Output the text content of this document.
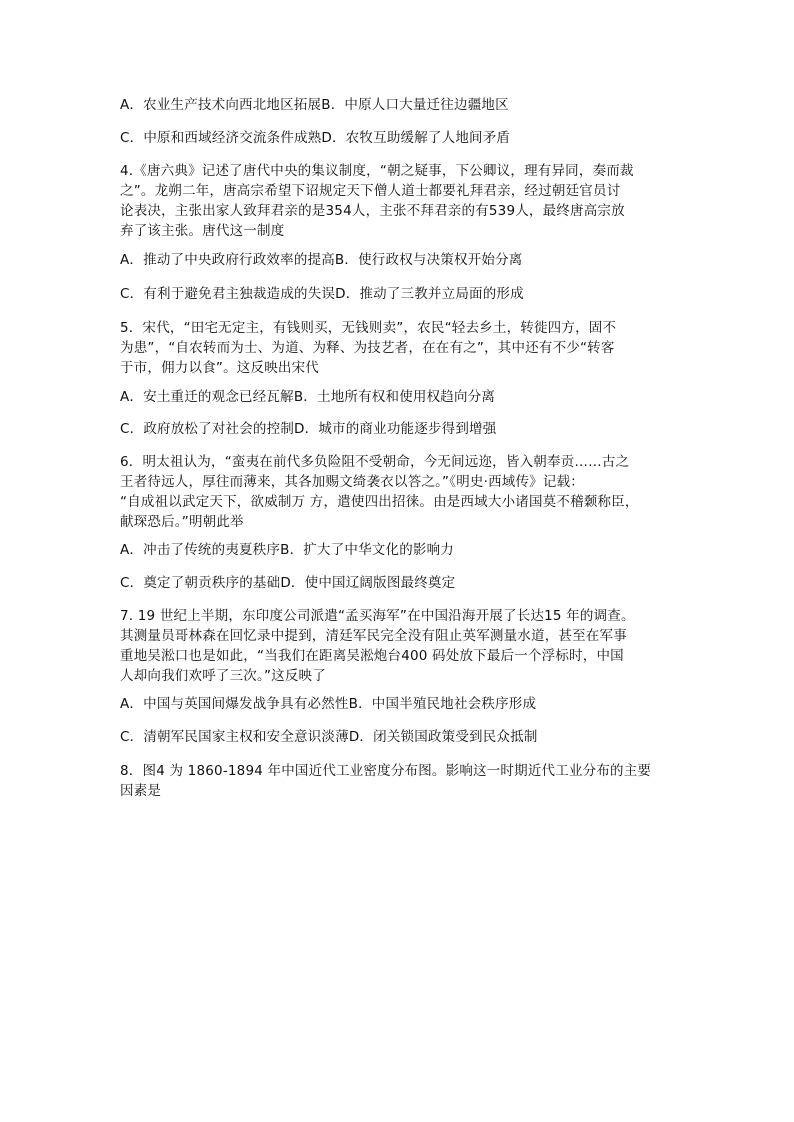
A．农业生产技术向西北地区拓展B．中原人口大量迁往边疆地区
C．中原和西域经济交流条件成熟D．农牧互助缓解了人地间矛盾
4.《唐六典》记述了唐代中央的集议制度，“朝之疑事，下公卿议，理有异同，奏而裁
之”。龙朔二年，唐高宗希望下诏规定天下僧人道士都要礼拜君亲，经过朝廷官员讨
论表决，主张出家人致拜君亲的是354人，主张不拜君亲的有539人，最终唐高宗放
弃了该主张。唐代这一制度
A．推动了中央政府行政效率的提高B．使行政权与决策权开始分离
C．有利于避免君主独裁造成的失误D．推动了三教并立局面的形成
5．宋代，“田宅无定主，有钱则买，无钱则卖”，农民“轻去乡土，转徙四方，固不
为患”，“自农转而为士、为道、为释、为技艺者，在在有之”，其中还有不少“转客
于市，佣力以食”。这反映出宋代
A．安土重迁的观念已经瓦解B．土地所有权和使用权趋向分离
C．政府放松了对社会的控制D．城市的商业功能逐步得到增强
6．明太祖认为，“蛮夷在前代多负险阻不受朝命，今无间远迩，皆入朝奉贡……古之
王者待远人，厚往而薄来，其各加赐文绮袭衣以答之。”《明史·西域传》记载：
“自成祖以武定天下，欲威制万 方，遣使四出招徕。由是西域大小诸国莫不稽颡称臣，
献琛恐后。”明朝此举
A．冲击了传统的夷夏秩序B．扩大了中华文化的影响力
C．奠定了朝贡秩序的基础D．使中国辽阔版图最终奠定
7. 19 世纪上半期，东印度公司派遣“孟买海军”在中国沿海开展了长达15 年的调查。
其测量员哥林森在回忆录中提到，清廷军民完全没有阻止英军测量水道，甚至在军事
重地吴淞口也是如此，“当我们在距离吴淞炮台400 码处放下最后一个浮标时，中国
人却向我们欢呼了三次。”这反映了
A．中国与英国间爆发战争具有必然性B．中国半殖民地社会秩序形成
C．清朝军民国家主权和安全意识淡薄D．闭关锁国政策受到民众抵制
8．图4 为 1860-1894 年中国近代工业密度分布图。影响这一时期近代工业分布的主要
因素是
